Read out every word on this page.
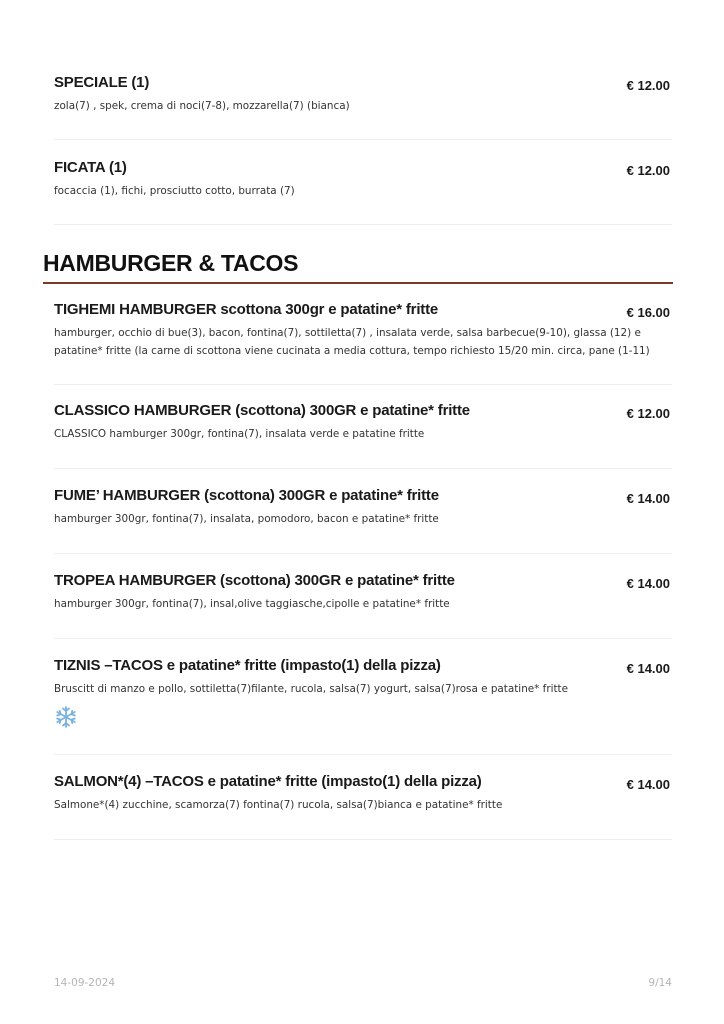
SPECIALE (1)	€ 12.00
zola(7) , spek, crema di noci(7-8), mozzarella(7) (bianca)
FICATA (1)	€ 12.00
focaccia (1), fichi, prosciutto cotto, burrata (7)
HAMBURGER & TACOS
TIGHEMI HAMBURGER scottona 300gr e patatine* fritte	€ 16.00
hamburger, occhio di bue(3), bacon, fontina(7), sottiletta(7) , insalata verde, salsa barbecue(9-10), glassa (12) e patatine* fritte (la carne di scottona viene cucinata a media cottura, tempo richiesto 15/20 min. circa, pane (1-11)
CLASSICO HAMBURGER (scottona) 300GR e patatine* fritte	€ 12.00
CLASSICO hamburger 300gr, fontina(7), insalata verde e patatine fritte
FUME’ HAMBURGER (scottona) 300GR e patatine* fritte	€ 14.00
hamburger 300gr, fontina(7), insalata, pomodoro, bacon e patatine* fritte
TROPEA HAMBURGER (scottona) 300GR e patatine* fritte	€ 14.00
hamburger 300gr, fontina(7), insal,olive taggiasche,cipolle e patatine* fritte
TIZNIS –TACOS e patatine* fritte (impasto(1) della pizza)	€ 14.00
Bruscitt di manzo e pollo, sottiletta(7)filante, rucola, salsa(7) yogurt, salsa(7)rosa e patatine* fritte
SALMON*(4) –TACOS e patatine* fritte (impasto(1) della pizza)	€ 14.00
Salmone*(4) zucchine, scamorza(7) fontina(7) rucola, salsa(7)bianca e patatine* fritte
14-09-2024	9/14
